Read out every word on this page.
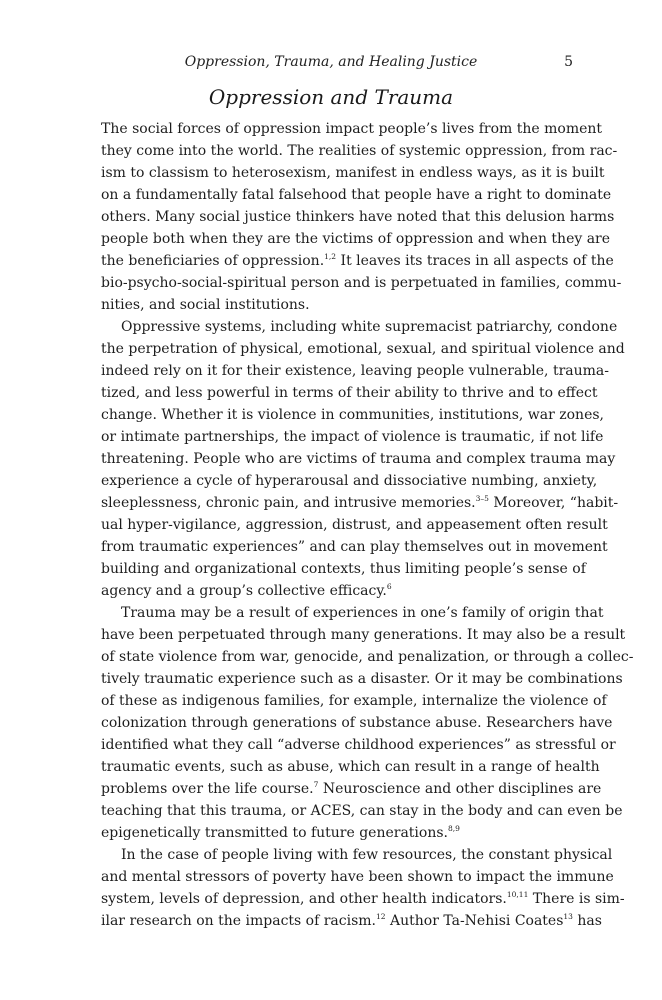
Oppression, Trauma, and Healing Justice	5
Oppression and Trauma
The social forces of oppression impact people’s lives from the moment
they come into the world. The realities of systemic oppression, from rac-
ism to classism to heterosexism, manifest in endless ways, as it is built
on a fundamentally fatal falsehood that people have a right to dominate
others. Many social justice thinkers have noted that this delusion harms
people both when they are the victims of oppression and when they are
the beneficiaries of oppression.$^{1,2}$ It leaves its traces in all aspects of the
bio-psycho-social-spiritual person and is perpetuated in families, commu-
nities, and social institutions.
Oppressive systems, including white supremacist patriarchy, condone
the perpetration of physical, emotional, sexual, and spiritual violence and
indeed rely on it for their existence, leaving people vulnerable, trauma-
tized, and less powerful in terms of their ability to thrive and to effect
change. Whether it is violence in communities, institutions, war zones,
or intimate partnerships, the impact of violence is traumatic, if not life
threatening. People who are victims of trauma and complex trauma may
experience a cycle of hyperarousal and dissociative numbing, anxiety,
sleeplessness, chronic pain, and intrusive memories.$^{3-5}$ Moreover, “habit-
ual hyper-vigilance, aggression, distrust, and appeasement often result
from traumatic experiences” and can play themselves out in movement
building and organizational contexts, thus limiting people’s sense of
agency and a group’s collective efficacy.$^6$
Trauma may be a result of experiences in one’s family of origin that
have been perpetuated through many generations. It may also be a result
of state violence from war, genocide, and penalization, or through a collec-
tively traumatic experience such as a disaster. Or it may be combinations
of these as indigenous families, for example, internalize the violence of
colonization through generations of substance abuse. Researchers have
identified what they call “adverse childhood experiences” as stressful or
traumatic events, such as abuse, which can result in a range of health
problems over the life course.$^7$ Neuroscience and other disciplines are
teaching that this trauma, or ACES, can stay in the body and can even be
epigenetically transmitted to future generations.$^{8,9}$
In the case of people living with few resources, the constant physical
and mental stressors of poverty have been shown to impact the immune
system, levels of depression, and other health indicators.$^{10,11}$ There is sim-
ilar research on the impacts of racism.$^{12}$ Author Ta-Nehisi Coates$^{13}$ has
